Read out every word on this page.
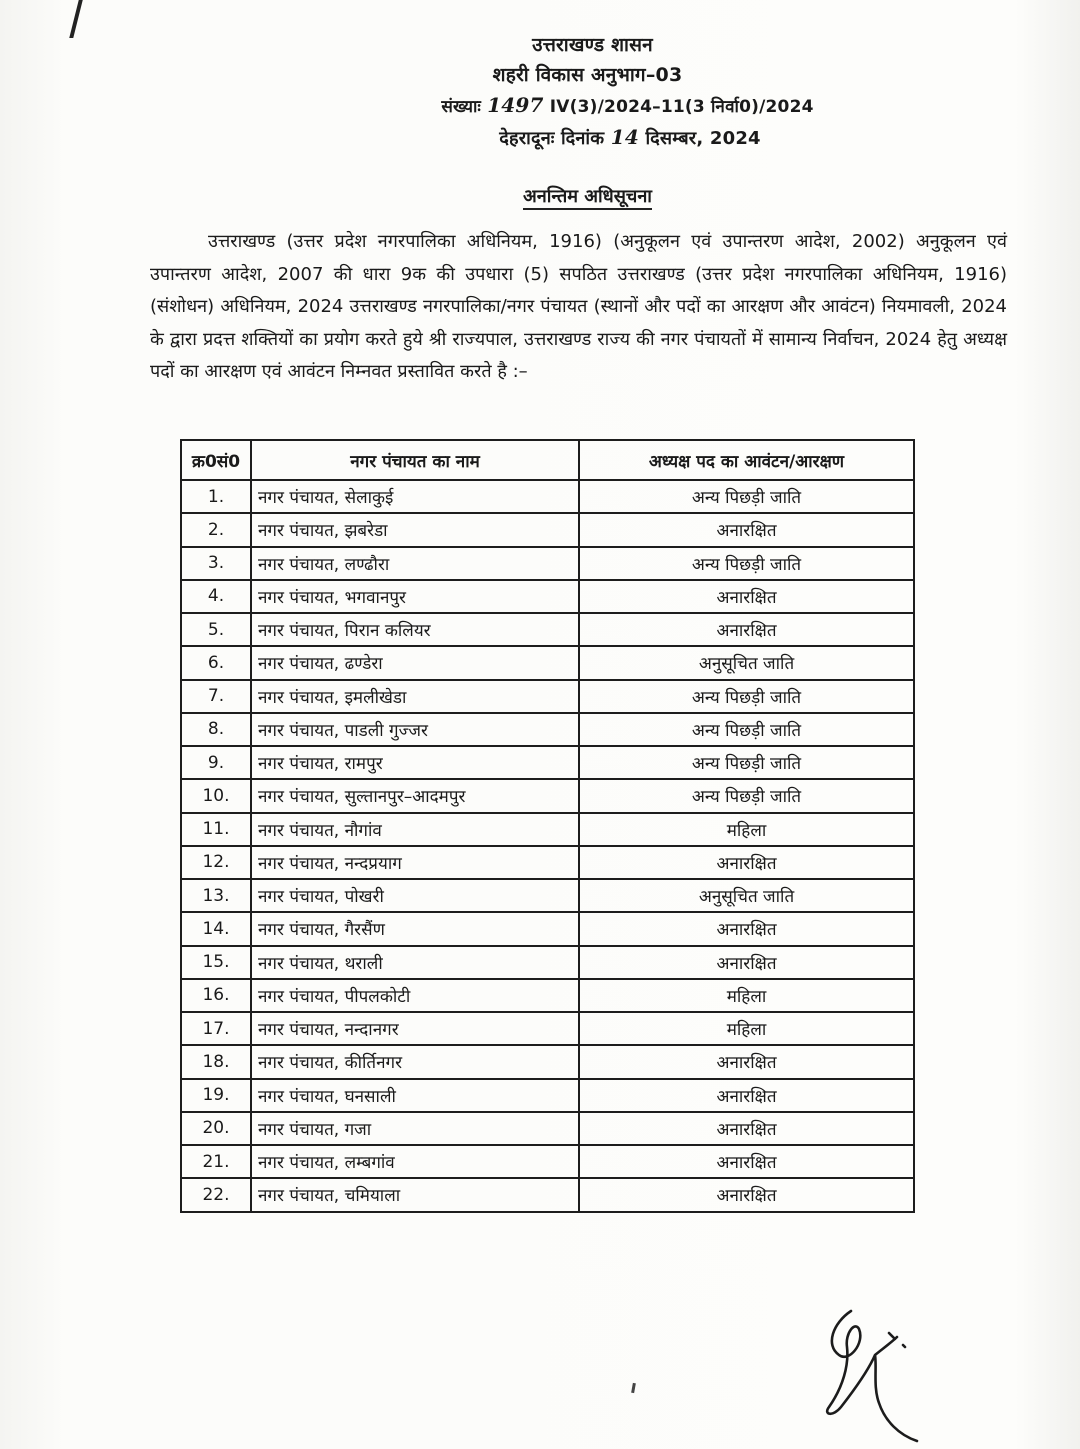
उत्तराखण्ड शासन
शहरी विकास अनुभाग–03
संख्याः 1497 IV(3)/2024–11(3 निर्वा0)/2024
देहरादूनः दिनांक 14 दिसम्बर, 2024
अनन्तिम अधिसूचना
उत्तराखण्ड (उत्तर प्रदेश नगरपालिका अधिनियम, 1916) (अनुकूलन एवं उपान्तरण आदेश, 2002) अनुकूलन एवं उपान्तरण आदेश, 2007 की धारा 9क की उपधारा (5) सपठित उत्तराखण्ड (उत्तर प्रदेश नगरपालिका अधिनियम, 1916) (संशोधन) अधिनियम, 2024 उत्तराखण्ड नगरपालिका/नगर पंचायत (स्थानों और पदों का आरक्षण और आवंटन) नियमावली, 2024 के द्वारा प्रदत्त शक्तियों का प्रयोग करते हुये श्री राज्यपाल, उत्तराखण्ड राज्य की नगर पंचायतों में सामान्य निर्वाचन, 2024 हेतु अध्यक्ष पदों का आरक्षण एवं आवंटन निम्नवत प्रस्तावित करते है :–
क्र0सं0	नगर पंचायत का नाम	अध्यक्ष पद का आवंटन/आरक्षण
1.	नगर पंचायत, सेलाकुई	अन्य पिछड़ी जाति
2.	नगर पंचायत, झबरेडा	अनारक्षित
3.	नगर पंचायत, लण्ढौरा	अन्य पिछड़ी जाति
4.	नगर पंचायत, भगवानपुर	अनारक्षित
5.	नगर पंचायत, पिरान कलियर	अनारक्षित
6.	नगर पंचायत, ढण्डेरा	अनुसूचित जाति
7.	नगर पंचायत, इमलीखेडा	अन्य पिछड़ी जाति
8.	नगर पंचायत, पाडली गुज्जर	अन्य पिछड़ी जाति
9.	नगर पंचायत, रामपुर	अन्य पिछड़ी जाति
10.	नगर पंचायत, सुल्तानपुर–आदमपुर	अन्य पिछड़ी जाति
11.	नगर पंचायत, नौगांव	महिला
12.	नगर पंचायत, नन्दप्रयाग	अनारक्षित
13.	नगर पंचायत, पोखरी	अनुसूचित जाति
14.	नगर पंचायत, गैरसैंण	अनारक्षित
15.	नगर पंचायत, थराली	अनारक्षित
16.	नगर पंचायत, पीपलकोटी	महिला
17.	नगर पंचायत, नन्दानगर	महिला
18.	नगर पंचायत, कीर्तिनगर	अनारक्षित
19.	नगर पंचायत, घनसाली	अनारक्षित
20.	नगर पंचायत, गजा	अनारक्षित
21.	नगर पंचायत, लम्बगांव	अनारक्षित
22.	नगर पंचायत, चमियाला	अनारक्षित
